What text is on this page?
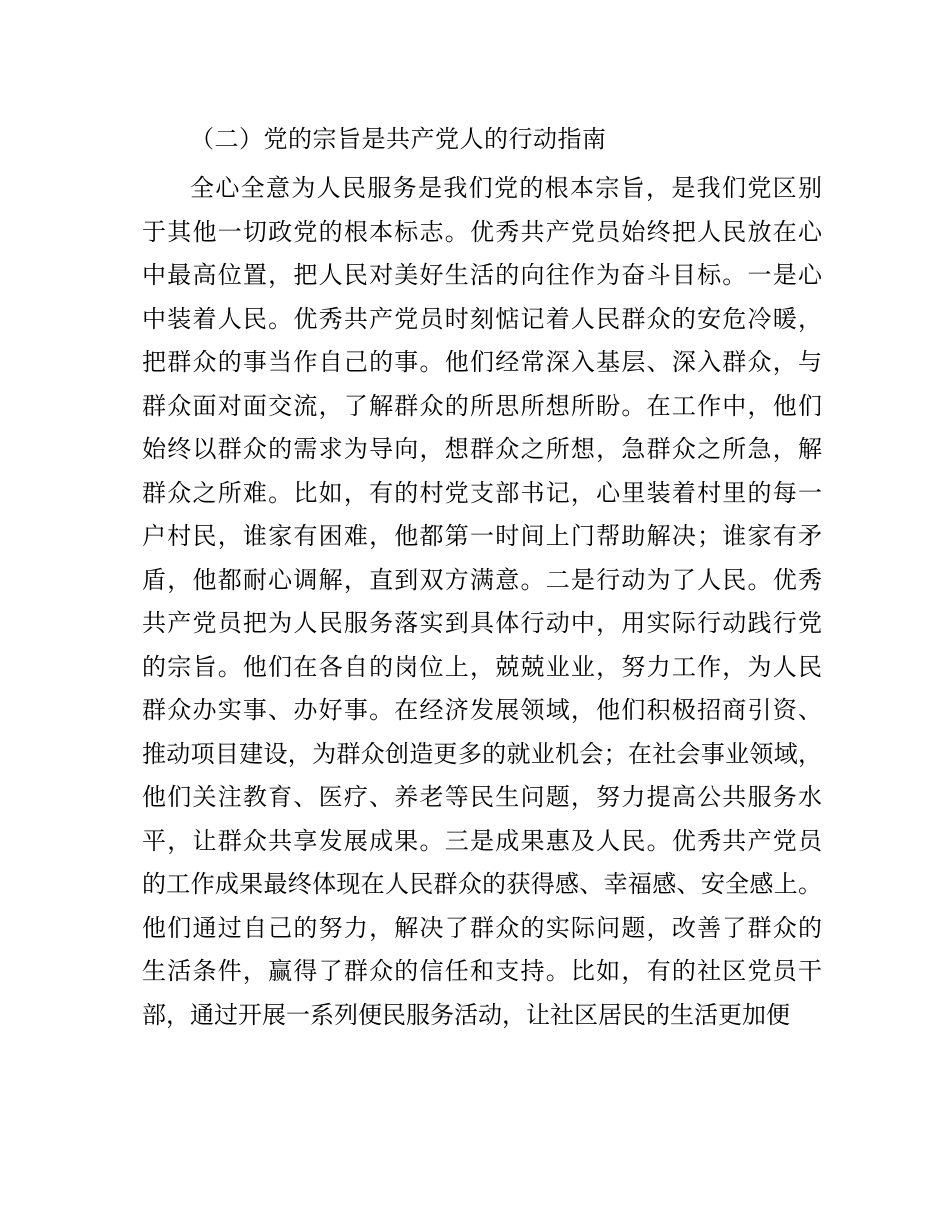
（二）党的宗旨是共产党人的行动指南
全心全意为人民服务是我们党的根本宗旨，是我们党区别
于其他一切政党的根本标志。优秀共产党员始终把人民放在心
中最高位置，把人民对美好生活的向往作为奋斗目标。一是心
中装着人民。优秀共产党员时刻惦记着人民群众的安危冷暖，
把群众的事当作自己的事。他们经常深入基层、深入群众，与
群众面对面交流，了解群众的所思所想所盼。在工作中，他们
始终以群众的需求为导向，想群众之所想，急群众之所急，解
群众之所难。比如，有的村党支部书记，心里装着村里的每一
户村民，谁家有困难，他都第一时间上门帮助解决；谁家有矛
盾，他都耐心调解，直到双方满意。二是行动为了人民。优秀
共产党员把为人民服务落实到具体行动中，用实际行动践行党
的宗旨。他们在各自的岗位上，兢兢业业，努力工作，为人民
群众办实事、办好事。在经济发展领域，他们积极招商引资、
推动项目建设，为群众创造更多的就业机会；在社会事业领域，
他们关注教育、医疗、养老等民生问题，努力提高公共服务水
平，让群众共享发展成果。三是成果惠及人民。优秀共产党员
的工作成果最终体现在人民群众的获得感、幸福感、安全感上。
他们通过自己的努力，解决了群众的实际问题，改善了群众的
生活条件，赢得了群众的信任和支持。比如，有的社区党员干
部，通过开展一系列便民服务活动，让社区居民的生活更加便
